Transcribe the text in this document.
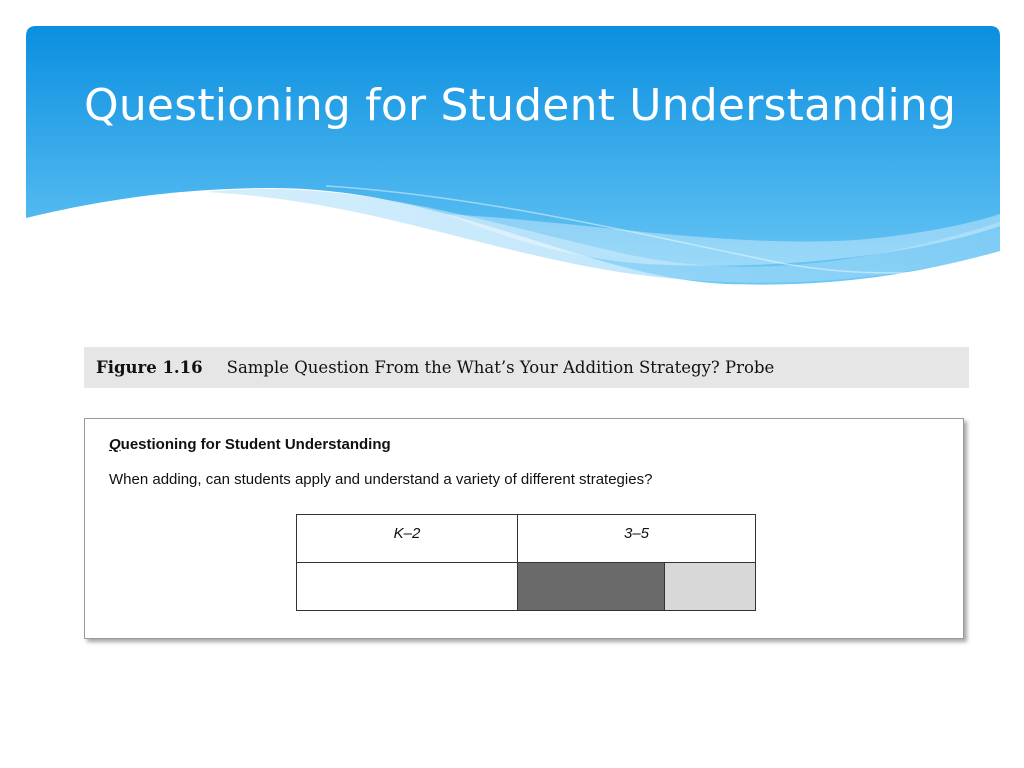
Questioning for Student Understanding
Figure 1.16 Sample Question From the What’s Your Addition Strategy? Probe
Questioning for Student Understanding
When adding, can students apply and understand a variety of different strategies?
K–2	3–5	
